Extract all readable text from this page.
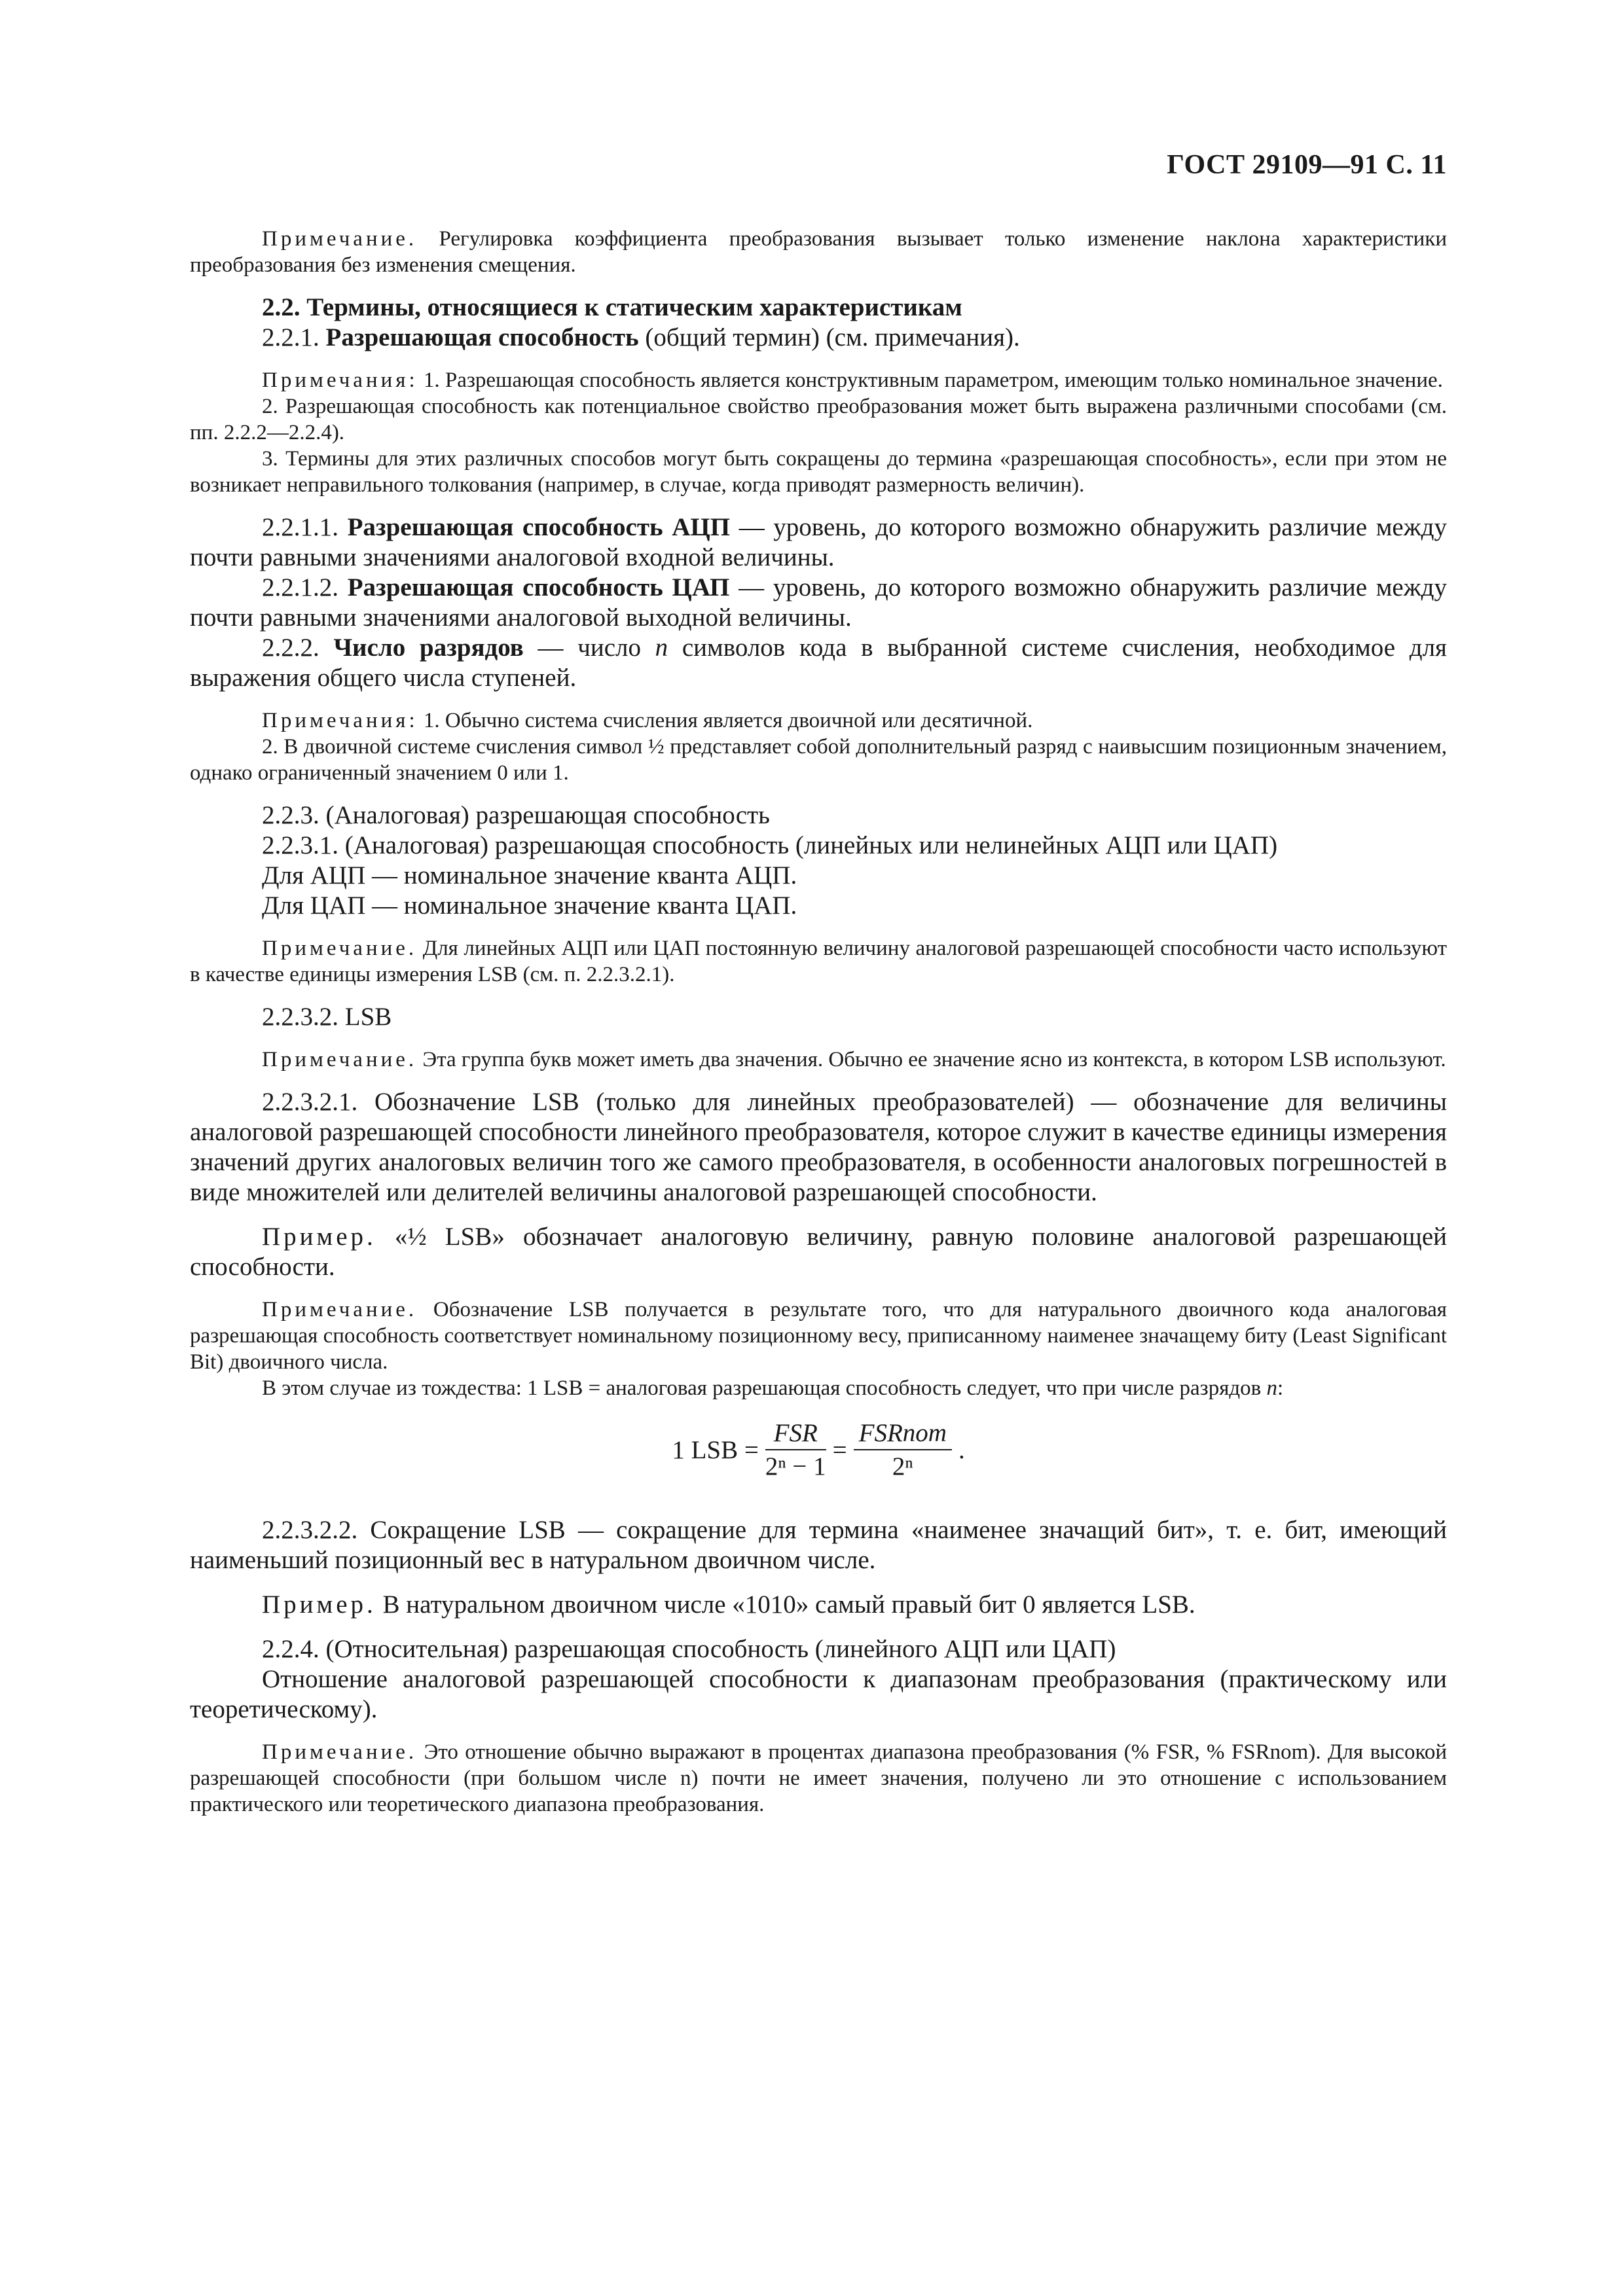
ГОСТ 29109—91 С. 11

Примечание. Регулировка коэффициента преобразования вызывает только изменение наклона характеристики преобразования без изменения смещения.

2.2. Термины, относящиеся к статическим характеристикам

2.2.1. Разрешающая способность (общий термин) (см. примечания).

Примечания: 1. Разрешающая способность является конструктивным параметром, имеющим только номинальное значение.

2. Разрешающая способность как потенциальное свойство преобразования может быть выражена различными способами (см. пп. 2.2.2—2.2.4).

3. Термины для этих различных способов могут быть сокращены до термина «разрешающая способность», если при этом не возникает неправильного толкования (например, в случае, когда приводят размерность величин).

2.2.1.1. Разрешающая способность АЦП — уровень, до которого возможно обнаружить различие между почти равными значениями аналоговой входной величины.

2.2.1.2. Разрешающая способность ЦАП — уровень, до которого возможно обнаружить различие между почти равными значениями аналоговой выходной величины.

2.2.2. Число разрядов — число n символов кода в выбранной системе счисления, необходимое для выражения общего числа ступеней.

Примечания: 1. Обычно система счисления является двоичной или десятичной.

2. В двоичной системе счисления символ ½ представляет собой дополнительный разряд с наивысшим позиционным значением, однако ограниченный значением 0 или 1.

2.2.3. (Аналоговая) разрешающая способность

2.2.3.1. (Аналоговая) разрешающая способность (линейных или нелинейных АЦП или ЦАП)

Для АЦП — номинальное значение кванта АЦП.

Для ЦАП — номинальное значение кванта ЦАП.

Примечание. Для линейных АЦП или ЦАП постоянную величину аналоговой разрешающей способности часто используют в качестве единицы измерения LSB (см. п. 2.2.3.2.1).

2.2.3.2. LSB

Примечание. Эта группа букв может иметь два значения. Обычно ее значение ясно из контекста, в котором LSB используют.

2.2.3.2.1. Обозначение LSB (только для линейных преобразователей) — обозначение для величины аналоговой разрешающей способности линейного преобразователя, которое служит в качестве единицы измерения значений других аналоговых величин того же самого преобразователя, в особенности аналоговых погрешностей в виде множителей или делителей величины аналоговой разрешающей способности.

Пример. «½ LSB» обозначает аналоговую величину, равную половине аналоговой разрешающей способности.

Примечание. Обозначение LSB получается в результате того, что для натурального двоичного кода аналоговая разрешающая способность соответствует номинальному позиционному весу, приписанному наименее значащему биту (Least Significant Bit) двоичного числа.

В этом случае из тождества: 1 LSB = аналоговая разрешающая способность следует, что при числе разрядов n:

1 LSB = $\frac{\text{FSR}}{\text{2ⁿ − 1}} = \frac{\text{FSRnom}}{\text{2ⁿ}}$ .

2.2.3.2.2. Сокращение LSB — сокращение для термина «наименее значащий бит», т. е. бит, имеющий наименьший позиционный вес в натуральном двоичном числе.

Пример. В натуральном двоичном числе «1010» самый правый бит 0 является LSB.

2.2.4. (Относительная) разрешающая способность (линейного АЦП или ЦАП)

Отношение аналоговой разрешающей способности к диапазонам преобразования (практическому или теоретическому).

Примечание. Это отношение обычно выражают в процентах диапазона преобразования (% FSR, % FSRnom). Для высокой разрешающей способности (при большом числе n) почти не имеет значения, получено ли это отношение с использованием практического или теоретического диапазона преобразования.
